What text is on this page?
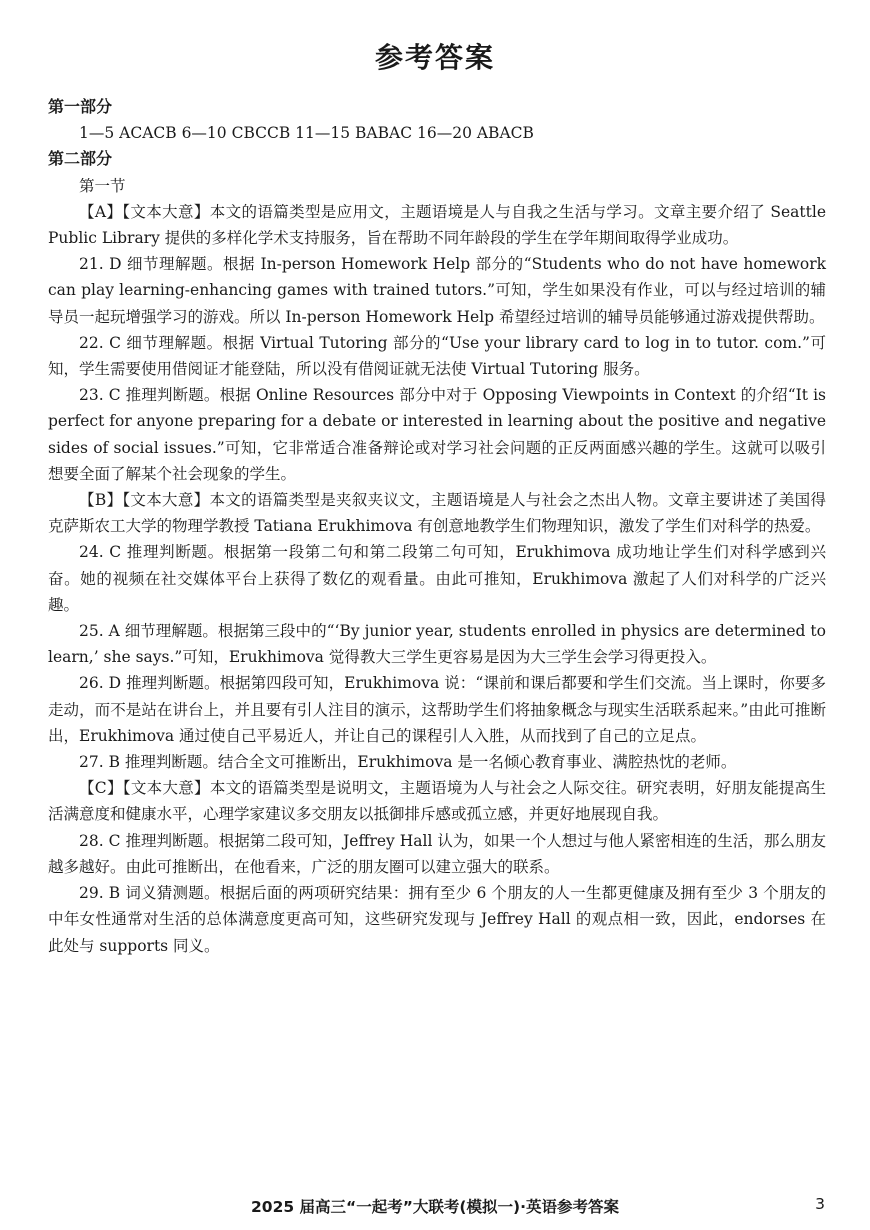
参考答案

第一部分

1—5 ACACB 6—10 CBCCB 11—15 BABAC 16—20 ABACB

第二部分

第一节

【A】【文本大意】本文的语篇类型是应用文，主题语境是人与自我之生活与学习。文章主要介绍了 Seattle Public Library 提供的多样化学术支持服务，旨在帮助不同年龄段的学生在学年期间取得学业成功。

21. D 细节理解题。根据 In-person Homework Help 部分的“Students who do not have homework can play learning-enhancing games with trained tutors.”可知，学生如果没有作业，可以与经过培训的辅导员一起玩增强学习的游戏。所以 In-person Homework Help 希望经过培训的辅导员能够通过游戏提供帮助。

22. C 细节理解题。根据 Virtual Tutoring 部分的“Use your library card to log in to tutor. com.”可知，学生需要使用借阅证才能登陆，所以没有借阅证就无法使 Virtual Tutoring 服务。

23. C 推理判断题。根据 Online Resources 部分中对于 Opposing Viewpoints in Context 的介绍“It is perfect for anyone preparing for a debate or interested in learning about the positive and negative sides of social issues.”可知，它非常适合准备辩论或对学习社会问题的正反两面感兴趣的学生。这就可以吸引想要全面了解某个社会现象的学生。

【B】【文本大意】本文的语篇类型是夹叙夹议文，主题语境是人与社会之杰出人物。文章主要讲述了美国得克萨斯农工大学的物理学教授 Tatiana Erukhimova 有创意地教学生们物理知识，激发了学生们对科学的热爱。

24. C 推理判断题。根据第一段第二句和第二段第二句可知，Erukhimova 成功地让学生们对科学感到兴奋。她的视频在社交媒体平台上获得了数亿的观看量。由此可推知，Erukhimova 激起了人们对科学的广泛兴趣。

25. A 细节理解题。根据第三段中的“‘By junior year, students enrolled in physics are determined to learn,’ she says.”可知，Erukhimova 觉得教大三学生更容易是因为大三学生会学习得更投入。

26. D 推理判断题。根据第四段可知，Erukhimova 说：“课前和课后都要和学生们交流。当上课时，你要多走动，而不是站在讲台上，并且要有引人注目的演示，这帮助学生们将抽象概念与现实生活联系起来。”由此可推断出，Erukhimova 通过使自己平易近人，并让自己的课程引人入胜，从而找到了自己的立足点。

27. B 推理判断题。结合全文可推断出，Erukhimova 是一名倾心教育事业、满腔热忱的老师。

【C】【文本大意】本文的语篇类型是说明文，主题语境为人与社会之人际交往。研究表明，好朋友能提高生活满意度和健康水平，心理学家建议多交朋友以抵御排斥感或孤立感，并更好地展现自我。

28. C 推理判断题。根据第二段可知，Jeffrey Hall 认为，如果一个人想过与他人紧密相连的生活，那么朋友越多越好。由此可推断出，在他看来，广泛的朋友圈可以建立强大的联系。

29. B 词义猜测题。根据后面的两项研究结果：拥有至少 6 个朋友的人一生都更健康及拥有至少 3 个朋友的中年女性通常对生活的总体满意度更高可知，这些研究发现与 Jeffrey Hall 的观点相一致，因此，endorses 在此处与 supports 同义。

2025 届高三“一起考”大联考(模拟一)·英语参考答案	3
